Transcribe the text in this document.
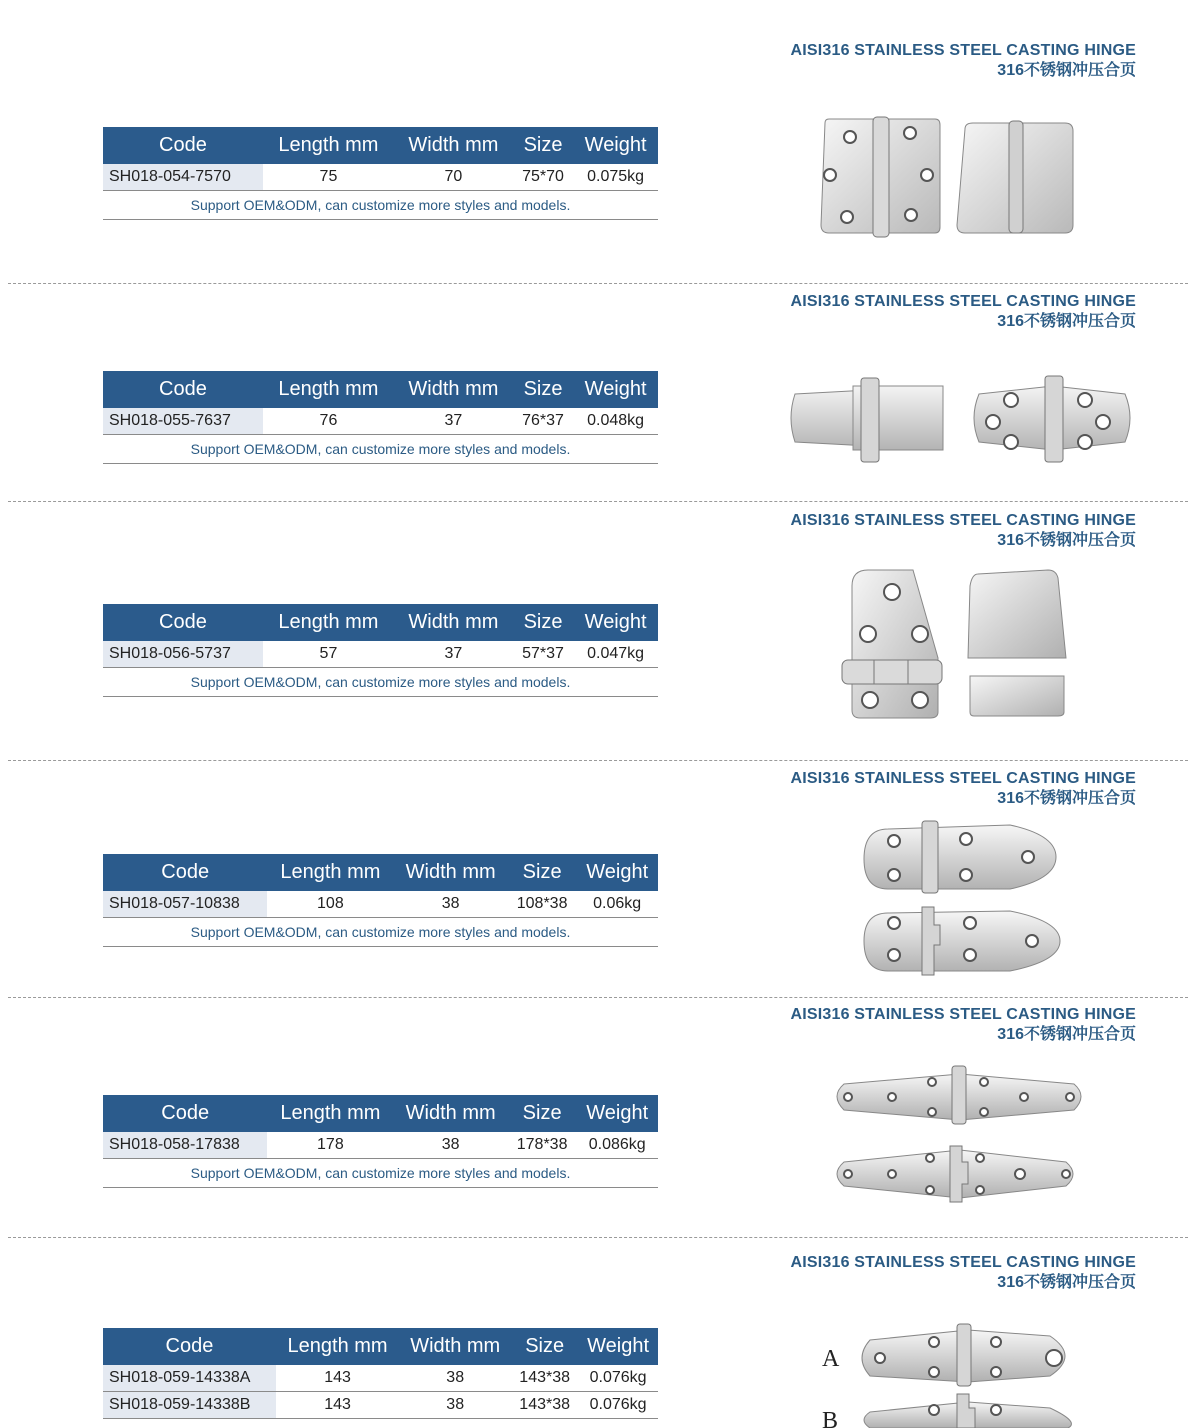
AISI316 STAINLESS STEEL CASTING HINGE
316不锈钢冲压合页
Code	Length mm	Width mm	Size	Weight
SH018-054-7570	75	70	75*70	0.075kg
Support OEM&ODM, can customize more styles and models.				
AISI316 STAINLESS STEEL CASTING HINGE
316不锈钢冲压合页
Code	Length mm	Width mm	Size	Weight
SH018-055-7637	76	37	76*37	0.048kg
Support OEM&ODM, can customize more styles and models.				
AISI316 STAINLESS STEEL CASTING HINGE
316不锈钢冲压合页
Code	Length mm	Width mm	Size	Weight
SH018-056-5737	57	37	57*37	0.047kg
Support OEM&ODM, can customize more styles and models.				
AISI316 STAINLESS STEEL CASTING HINGE
316不锈钢冲压合页
Code	Length mm	Width mm	Size	Weight
SH018-057-10838	108	38	108*38	0.06kg
Support OEM&ODM, can customize more styles and models.				
AISI316 STAINLESS STEEL CASTING HINGE
316不锈钢冲压合页
Code	Length mm	Width mm	Size	Weight
SH018-058-17838	178	38	178*38	0.086kg
Support OEM&ODM, can customize more styles and models.				
AISI316 STAINLESS STEEL CASTING HINGE
316不锈钢冲压合页
Code	Length mm	Width mm	Size	Weight
SH018-059-14338A	143	38	143*38	0.076kg
SH018-059-14338B	143	38	143*38	0.076kg
A
B
